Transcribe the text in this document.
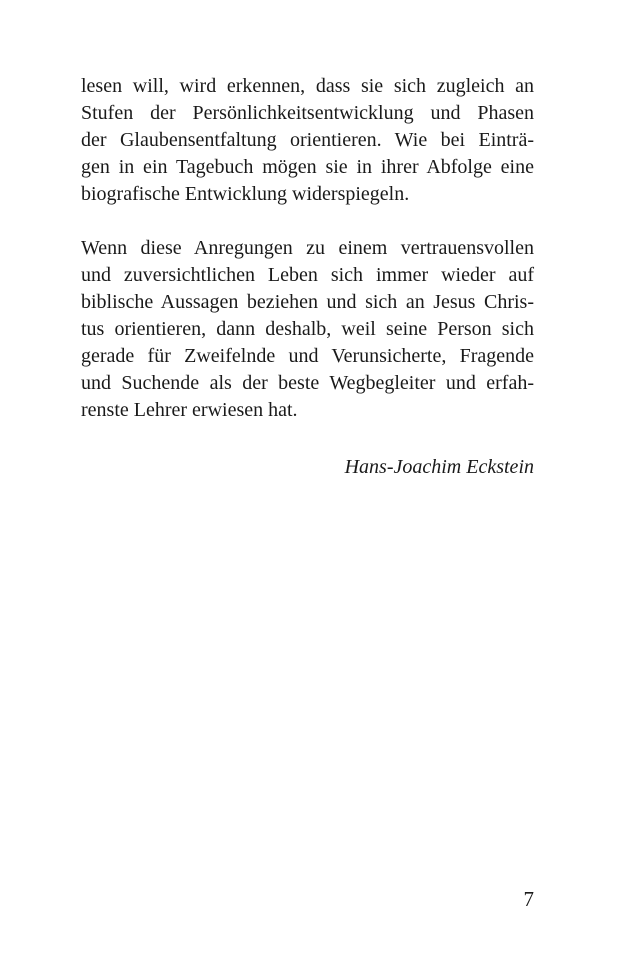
lesen will, wird erkennen, dass sie sich zugleich an
Stufen der Persönlichkeitsentwicklung und Phasen
der Glaubensentfaltung orientieren. Wie bei Einträ-
gen in ein Tagebuch mögen sie in ihrer Abfolge eine
biografische Entwicklung widerspiegeln.

Wenn diese Anregungen zu einem vertrauensvollen
und zuversichtlichen Leben sich immer wieder auf
biblische Aussagen beziehen und sich an Jesus Chris-
tus orientieren, dann deshalb, weil seine Person sich
gerade für Zweifelnde und Verunsicherte, Fragende
und Suchende als der beste Wegbegleiter und erfah-
renste Lehrer erwiesen hat.

Hans-Joachim Eckstein

7
